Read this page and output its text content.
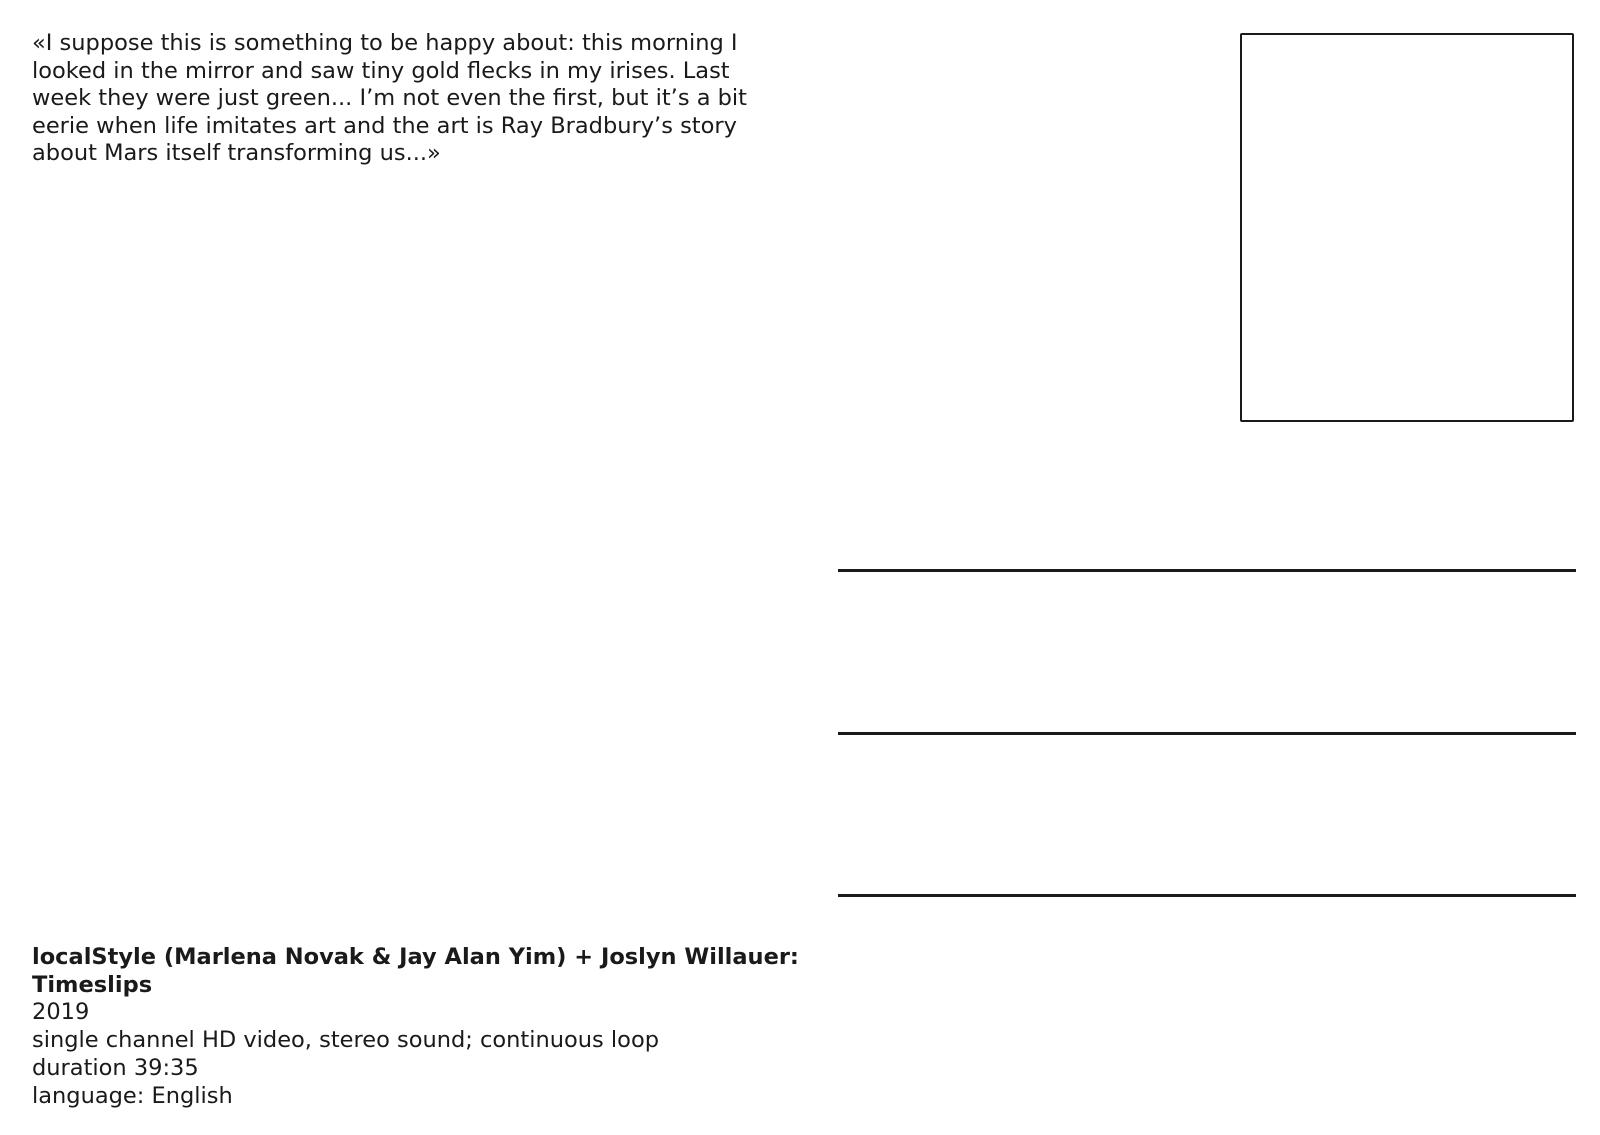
«I suppose this is something to be happy about: this morning I looked in the mirror and saw tiny gold flecks in my irises. Last week they were just green... I’m not even the first, but it’s a bit eerie when life imitates art and the art is Ray Bradbury’s story about Mars itself transforming us...»

localStyle (Marlena Novak & Jay Alan Yim) + Joslyn Willauer: Timeslips

2019

single channel HD video, stereo sound; continuous loop

duration 39:35

language: English
